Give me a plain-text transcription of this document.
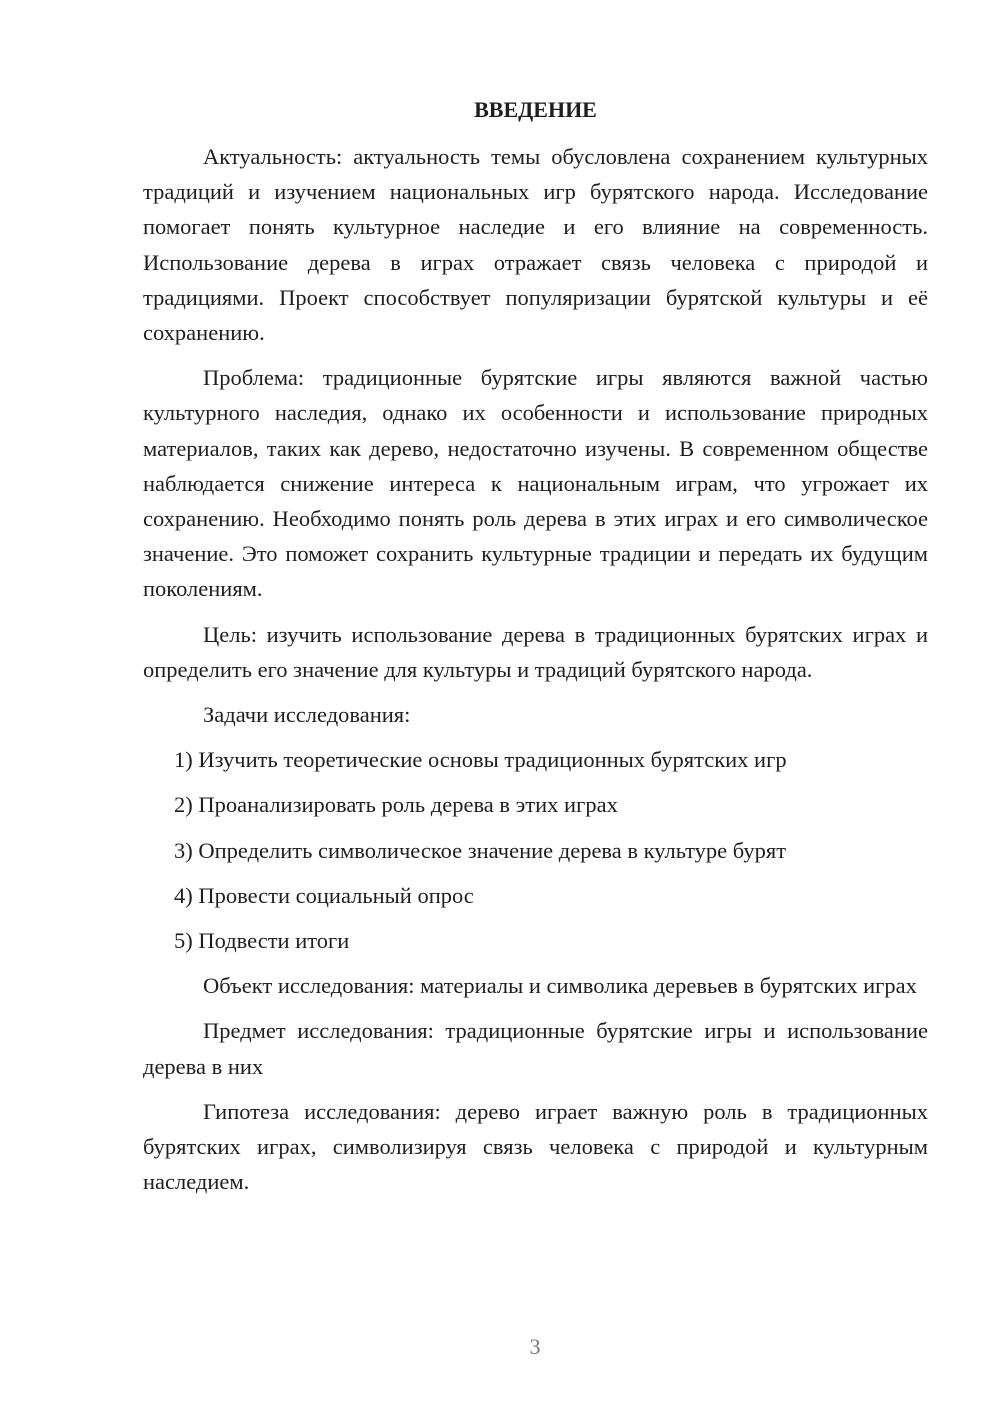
ВВЕДЕНИЕ

Актуальность: актуальность темы обусловлена сохранением культурных традиций и изучением национальных игр бурятского народа. Исследование помогает понять культурное наследие и его влияние на современность. Использование дерева в играх отражает связь человека с природой и традициями. Проект способствует популяризации бурятской культуры и её сохранению.

Проблема: традиционные бурятские игры являются важной частью культурного наследия, однако их особенности и использование природных материалов, таких как дерево, недостаточно изучены. В современном обществе наблюдается снижение интереса к национальным играм, что угрожает их сохранению. Необходимо понять роль дерева в этих играх и его символическое значение. Это поможет сохранить культурные традиции и передать их будущим поколениям.

Цель: изучить использование дерева в традиционных бурятских играх и определить его значение для культуры и традиций бурятского народа.

Задачи исследования:

1) Изучить теоретические основы традиционных бурятских игр
2) Проанализировать роль дерева в этих играх
3) Определить символическое значение дерева в культуре бурят
4) Провести социальный опрос
5) Подвести итоги

Объект исследования: материалы и символика деревьев в бурятских играх

Предмет исследования: традиционные бурятские игры и использование дерева в них

Гипотеза исследования: дерево играет важную роль в традиционных бурятских играх, символизируя связь человека с природой и культурным наследием.

3
